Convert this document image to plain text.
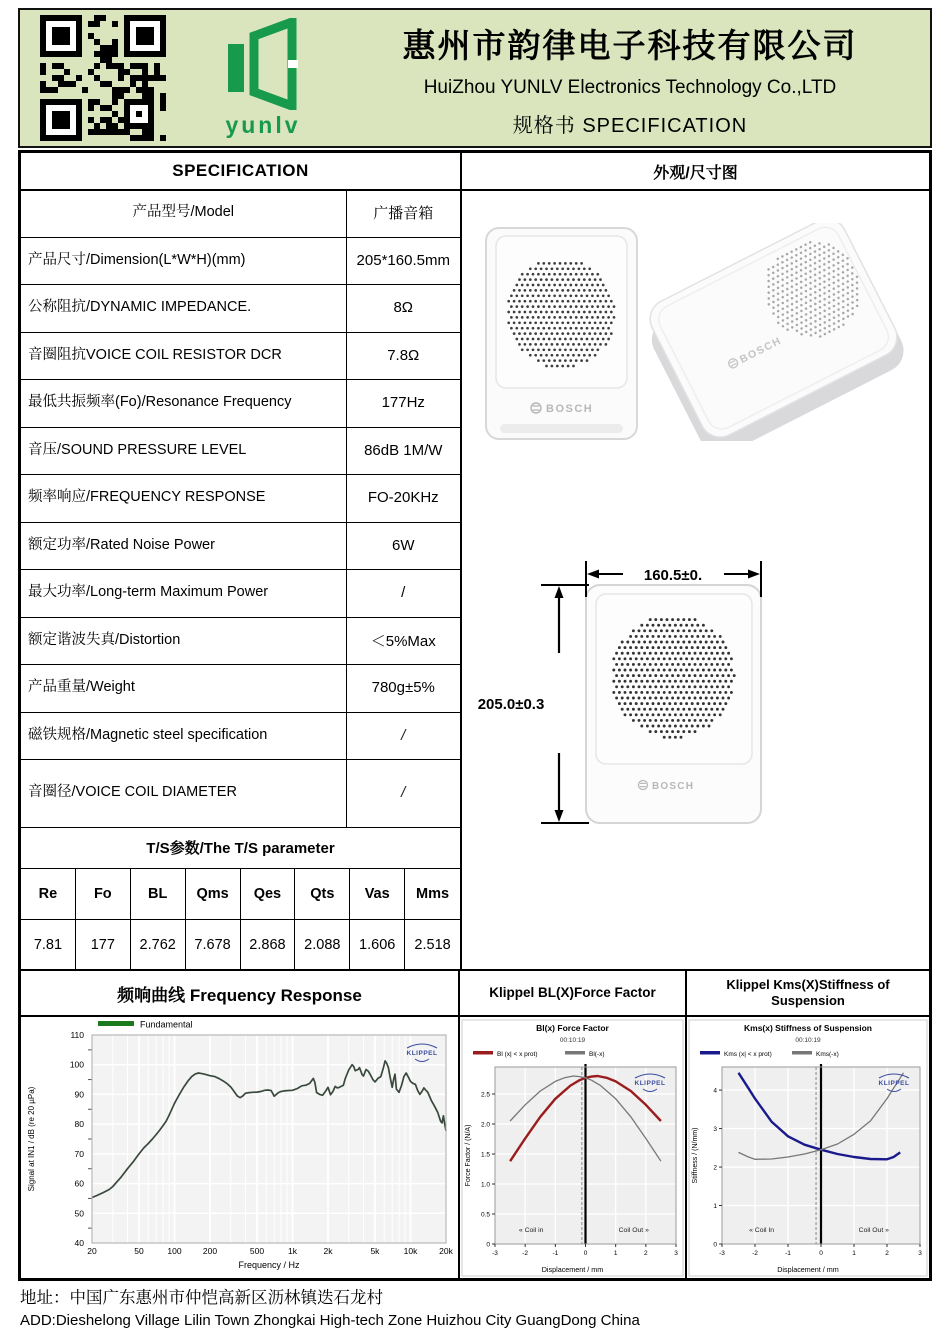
yunlv
惠州市韵律电子科技有限公司
HuiZhou YUNLV Electronics Technology Co.,LTD
规格书 SPECIFICATION
SPECIFICATION	外观/尺寸图
产品型号/Model	广播音箱
产品尺寸/Dimension(L*W*H)(mm)	205*160.5mm
公称阻抗/DYNAMIC IMPEDANCE.	8Ω
音圈阻抗VOICE COIL RESISTOR DCR	7.8Ω
最低共振频率(Fo)/Resonance Frequency	177Hz
音压/SOUND PRESSURE LEVEL	86dB 1M/W
频率响应/FREQUENCY RESPONSE	FO-20KHz
额定功率/Rated Noise Power	6W
最大功率/Long-term Maximum Power	/
额定谐波失真/Distortion	＜5%Max
产品重量/Weight	780g±5%
磁铁规格/Magnetic steel specification	/
音圈径/VOICE COIL DIAMETER	/
T/S参数/The T/S parameter
Re	Fo	BL	Qms	Qes	Qts	Vas	Mms
7.81	177	2.762	7.678	2.868	2.088	1.606	2.518
BOSCH
BOSCH
BOSCH
160.5±0.
205.0±0.3
频响曲线 Frequency Response	Klippel BL(X)Force Factor
Klippel Kms(X)Stiffness of Suspension
40
50
60
70
80
90
100
110
20	50	100	200	500	1k	2k	5k	10k	20k
Frequency / Hz
Signal at IN1 / dB (re 20 µPa)
Fundamental
KLIPPEL
-3	-2	-1	0	1	2	3
0
0.5
1.0
1.5
2.0
2.5
Bl(x) Force Factor
00:10:19
Bl (x| < x prot)	Bl(-x)
« Coil in	Coil Out »
Displacement / mm
Force Factor / (N/A)
KLIPPEL
-3	-2	-1	0	1	2	3
0
1
2
3
4
Kms(x) Stiffness of Suspension
00:10:19
Kms (x| < x prot)	Kms(-x)
« Coil In	Coil Out »
Displacement / mm
Stiffness / (N/mm)
KLIPPEL
地址：中国广东惠州市仲恺高新区沥林镇迭石龙村
ADD:Dieshelong Village Lilin Town Zhongkai High-tech Zone Huizhou City GuangDong China
